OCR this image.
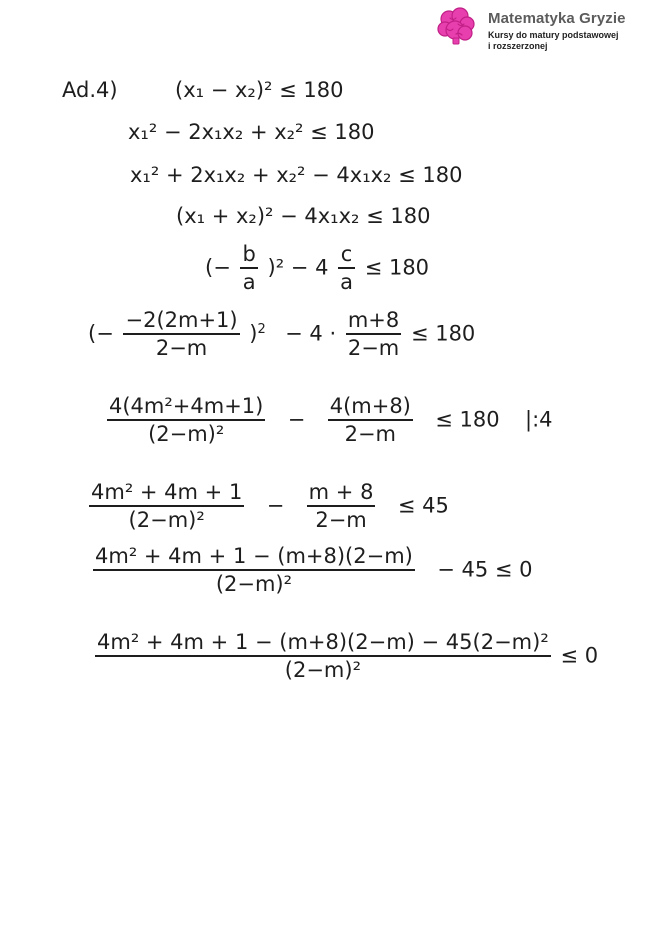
Matematyka Gryzie
Kursy do matury podstawowej
i rozszerzonej
Ad.4)	(x₁ − x₂)² ≤ 180
x₁² − 2x₁x₂ + x₂² ≤ 180
x₁² + 2x₁x₂ + x₂² − 4x₁x₂ ≤ 180
(x₁ + x₂)² − 4x₁x₂ ≤ 180
(− $\frac{b}{a} )^2 - 4 \frac{c}{a} \le 180$
(− $\frac{-2(2m+1)}{2-m} )^2 - 4 \cdot \frac{m+8}{2-m} \le 180$
$\frac{\text{4(4m²+4m+1)}}{\text{(2−m)²}} - \frac{4(m+8)}{2-m} \le 180$ |:4
$\frac{\text{4m² + 4m + 1}}{\text{(2−m)²}} - \frac{m + 8}{2-m} \le 45$
$\frac{\text{4m² + 4m + 1 − (m+8)(2−m)}}{\text{(2−m)²}} - 45 \le 0$
$\frac{\text{4m² + 4m + 1 − (m+8)(2−m) − 45(2−m)²}}{\text{(2−m)²}} \le 0$
